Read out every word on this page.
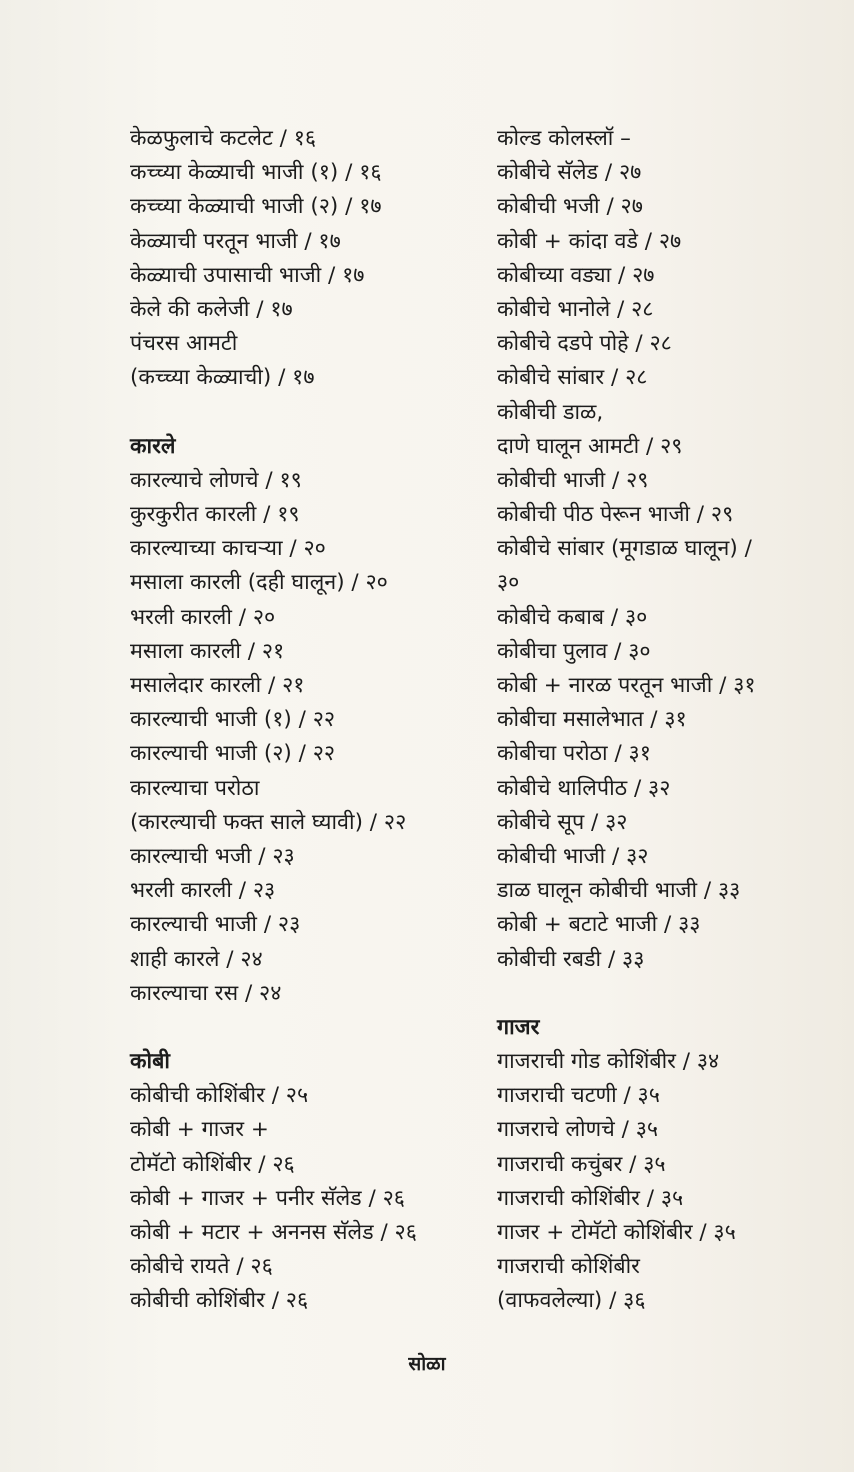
केळफुलाचे कटलेट / १६
कच्च्या केळ्याची भाजी (१) / १६
कच्च्या केळ्याची भाजी (२) / १७
केळ्याची परतून भाजी / १७
केळ्याची उपासाची भाजी / १७
केले की कलेजी / १७
पंचरस आमटी
(कच्च्या केळ्याची) / १७
कारले
कारल्याचे लोणचे / १९
कुरकुरीत कारली / १९
कारल्याच्या काचऱ्या / २०
मसाला कारली (दही घालून) / २०
भरली कारली / २०
मसाला कारली / २१
मसालेदार कारली / २१
कारल्याची भाजी (१) / २२
कारल्याची भाजी (२) / २२
कारल्याचा परोठा
(कारल्याची फक्त साले घ्यावी) / २२
कारल्याची भजी / २३
भरली कारली / २३
कारल्याची भाजी / २३
शाही कारले / २४
कारल्याचा रस / २४
कोबी
कोबीची कोशिंबीर / २५
कोबी + गाजर +
टोमॅटो कोशिंबीर / २६
कोबी + गाजर + पनीर सॅलेड / २६
कोबी + मटार + अननस सॅलेड / २६
कोबीचे रायते / २६
कोबीची कोशिंबीर / २६
कोल्ड कोलस्लॉ –
कोबीचे सॅलेड / २७
कोबीची भजी / २७
कोबी + कांदा वडे / २७
कोबीच्या वड्या / २७
कोबीचे भानोले / २८
कोबीचे दडपे पोहे / २८
कोबीचे सांबार / २८
कोबीची डाळ,
दाणे घालून आमटी / २९
कोबीची भाजी / २९
कोबीची पीठ पेरून भाजी / २९
कोबीचे सांबार (मूगडाळ घालून) /
३०
कोबीचे कबाब / ३०
कोबीचा पुलाव / ३०
कोबी + नारळ परतून भाजी / ३१
कोबीचा मसालेभात / ३१
कोबीचा परोठा / ३१
कोबीचे थालिपीठ / ३२
कोबीचे सूप / ३२
कोबीची भाजी / ३२
डाळ घालून कोबीची भाजी / ३३
कोबी + बटाटे भाजी / ३३
कोबीची रबडी / ३३
गाजर
गाजराची गोड कोशिंबीर / ३४
गाजराची चटणी / ३५
गाजराचे लोणचे / ३५
गाजराची कचुंबर / ३५
गाजराची कोशिंबीर / ३५
गाजर + टोमॅटो कोशिंबीर / ३५
गाजराची कोशिंबीर
(वाफवलेल्या) / ३६
सोळा
